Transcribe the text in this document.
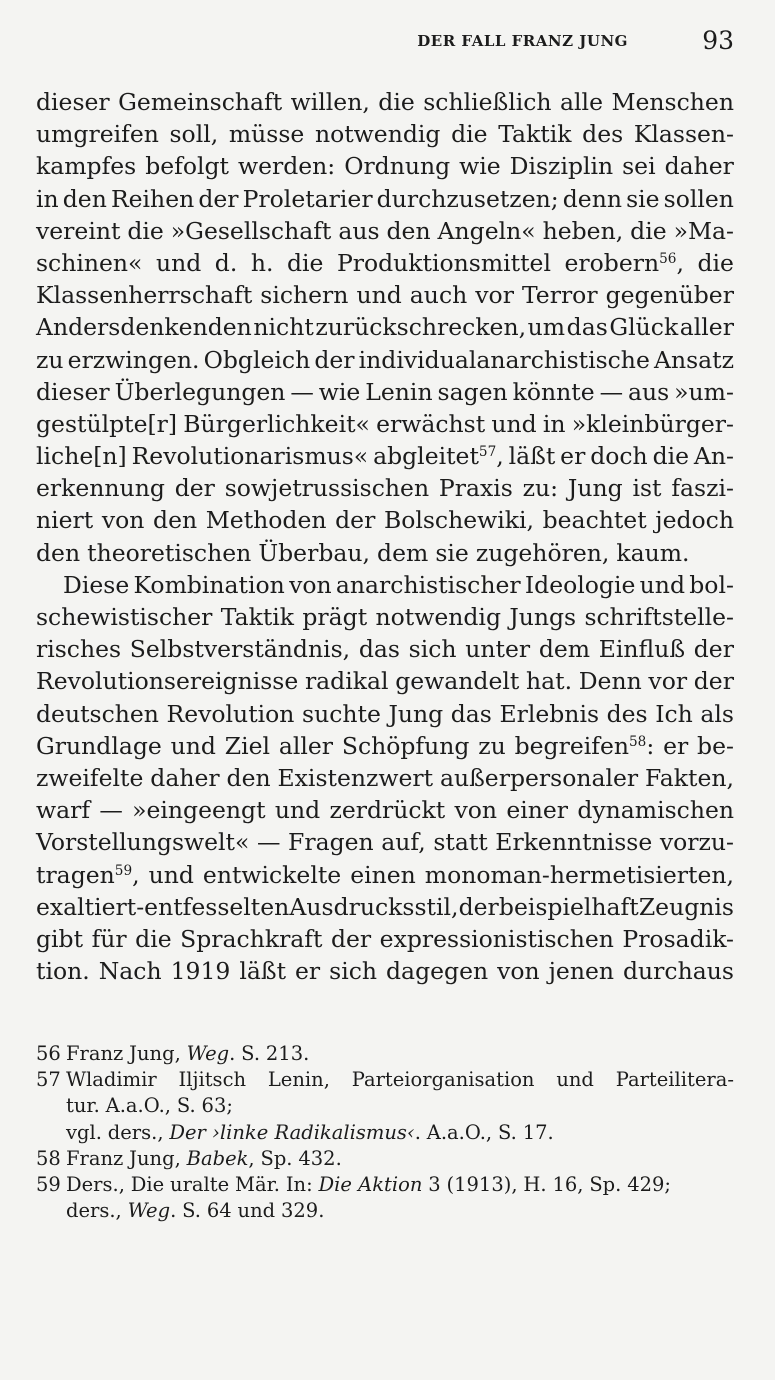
DER FALL FRANZ JUNG	93
dieser Gemeinschaft willen, die schließlich alle Menschen
umgreifen soll, müsse notwendig die Taktik des Klassen-
kampfes befolgt werden: Ordnung wie Disziplin sei daher
in den Reihen der Proletarier durchzusetzen; denn sie sollen
vereint die »Gesellschaft aus den Angeln« heben, die »Ma-
schinen« und d. h. die Produktionsmittel erobern$^{56}$, die
Klassenherrschaft sichern und auch vor Terror gegenüber
Andersdenkenden nicht zurückschrecken, um das Glück aller
zu erzwingen. Obgleich der individualanarchistische Ansatz
dieser Überlegungen — wie Lenin sagen könnte — aus »um-
gestülpte[r] Bürgerlichkeit« erwächst und in »kleinbürger-
liche[n] Revolutionarismus« abgleitet$^{57}$, läßt er doch die An-
erkennung der sowjetrussischen Praxis zu: Jung ist faszi-
niert von den Methoden der Bolschewiki, beachtet jedoch
den theoretischen Überbau, dem sie zugehören, kaum.
Diese Kombination von anarchistischer Ideologie und bol-
schewistischer Taktik prägt notwendig Jungs schriftstelle-
risches Selbstverständnis, das sich unter dem Einfluß der
Revolutionsereignisse radikal gewandelt hat. Denn vor der
deutschen Revolution suchte Jung das Erlebnis des Ich als
Grundlage und Ziel aller Schöpfung zu begreifen$^{58}$: er be-
zweifelte daher den Existenzwert außerpersonaler Fakten,
warf — »eingeengt und zerdrückt von einer dynamischen
Vorstellungswelt« — Fragen auf, statt Erkenntnisse vorzu-
tragen$^{59}$, und entwickelte einen monoman-hermetisierten,
exaltiert-entfesselten Ausdrucksstil, der beispielhaft Zeugnis
gibt für die Sprachkraft der expressionistischen Prosadik-
tion. Nach 1919 läßt er sich dagegen von jenen durchaus
56 Franz Jung, Weg. S. 213.
57 Wladimir Iljitsch Lenin, Parteiorganisation und Parteilitera-
tur. A.a.O., S. 63;
vgl. ders., Der ›linke Radikalismus‹. A.a.O., S. 17.
58 Franz Jung, Babek, Sp. 432.
59 Ders., Die uralte Mär. In: Die Aktion 3 (1913), H. 16, Sp. 429;
ders., Weg. S. 64 und 329.
